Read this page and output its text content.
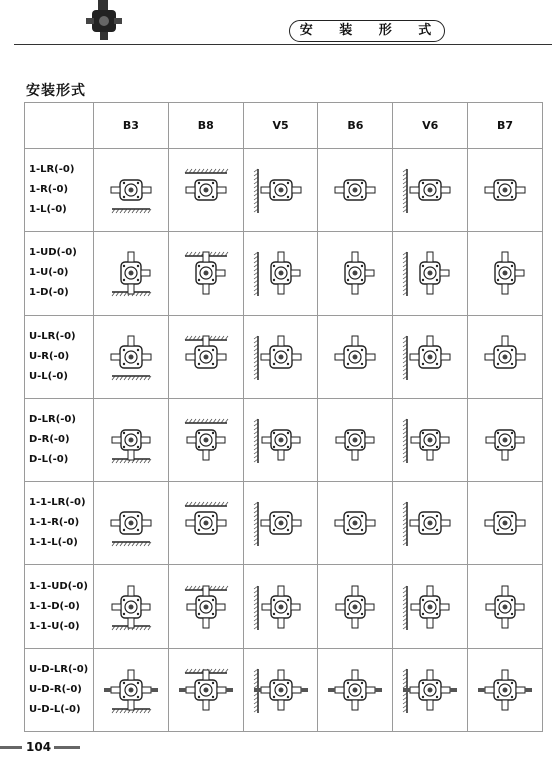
安 装 形 式
安装形式
	B3	B8	V5	B6	V6	B7

1-LR(-0)
1-R(-0)
1-L(-0)

1-UD(-0)
1-U(-0)
1-D(-0)

U-LR(-0)
U-R(-0)
U-L(-0)

D-LR(-0)
D-R(-0)
D-L(-0)

1-1-LR(-0)
1-1-R(-0)
1-1-L(-0)

1-1-UD(-0)
1-1-D(-0)
1-1-U(-0)

U-D-LR(-0)
U-D-R(-0)
U-D-L(-0)

104
